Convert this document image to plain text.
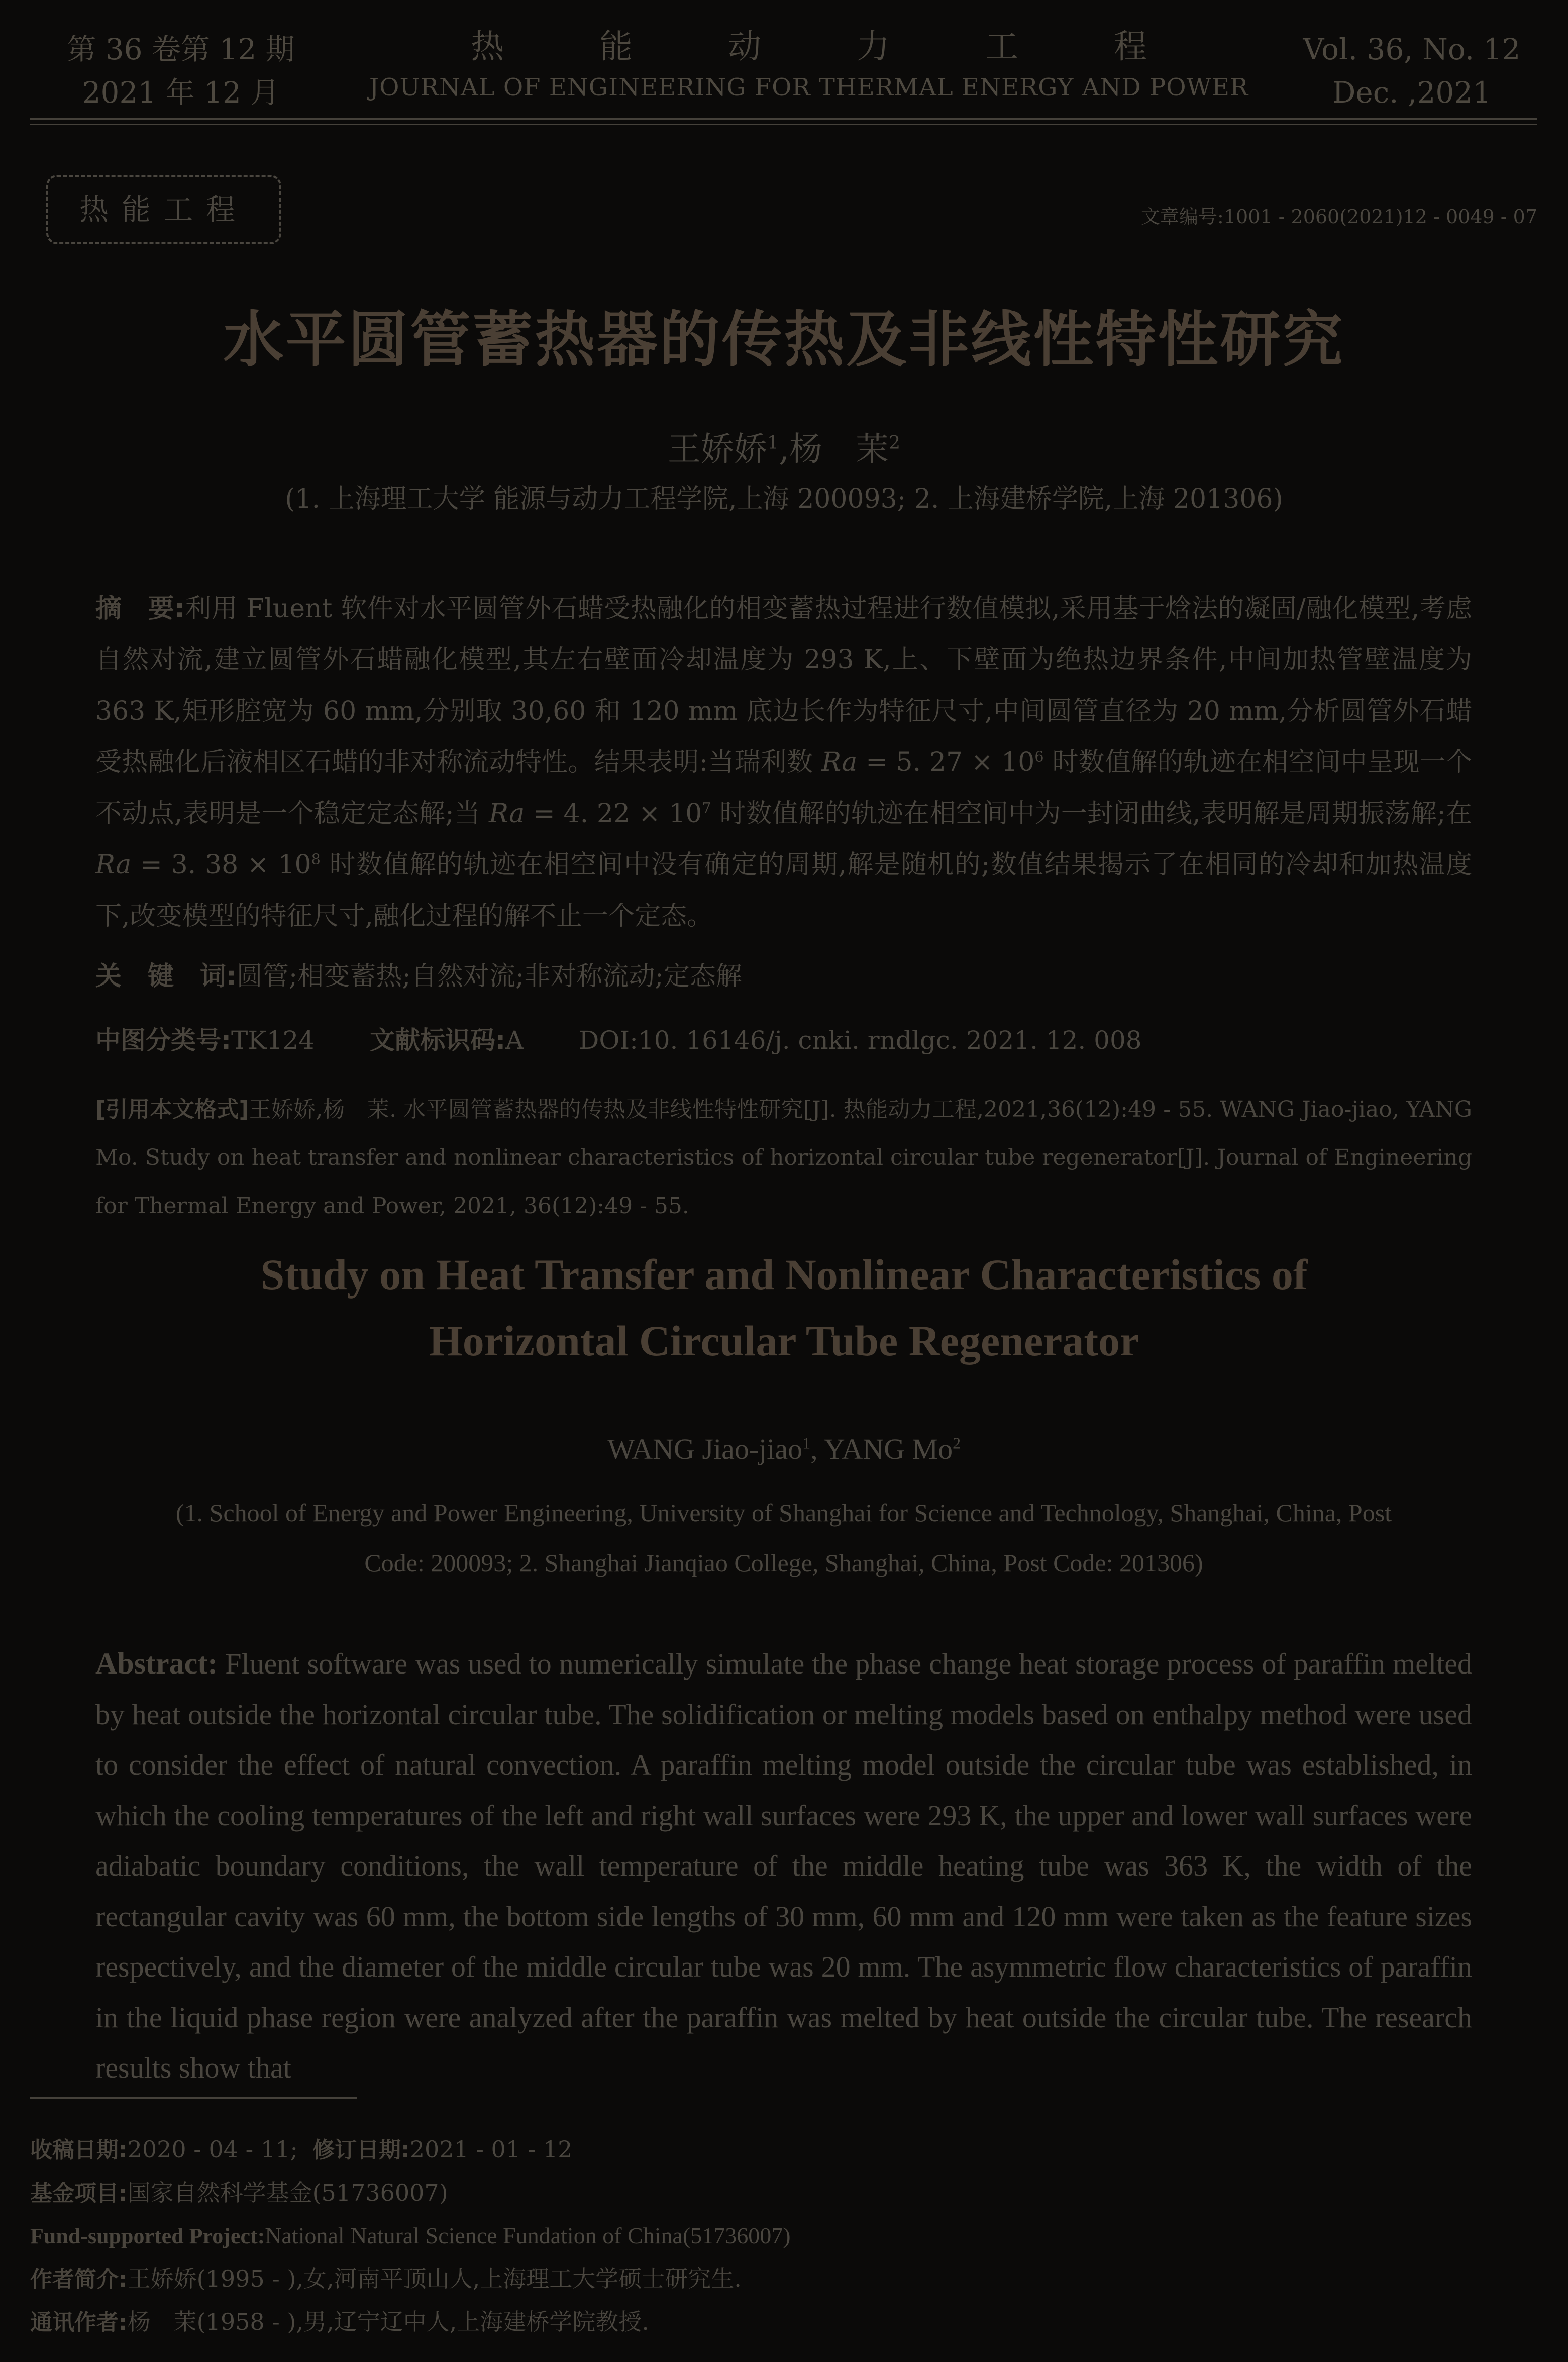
第 36 卷第 12 期
2021 年 12 月
热能动力工程
JOURNAL OF ENGINEERING FOR THERMAL ENERGY AND POWER
Vol. 36, No. 12
Dec. ,2021
热能工程	文章编号:1001 - 2060(2021)12 - 0049 - 07
水平圆管蓄热器的传热及非线性特性研究
王娇娇$^1$,杨　茉$^2$
(1. 上海理工大学 能源与动力工程学院,上海 200093; 2. 上海建桥学院,上海 201306)
摘　要:利用 Fluent 软件对水平圆管外石蜡受热融化的相变蓄热过程进行数值模拟,采用基于焓法的凝固/融化模型,考虑自然对流,建立圆管外石蜡融化模型,其左右壁面冷却温度为 293 K,上、下壁面为绝热边界条件,中间加热管壁温度为 363 K,矩形腔宽为 60 mm,分别取 30,60 和 120 mm 底边长作为特征尺寸,中间圆管直径为 20 mm,分析圆管外石蜡受热融化后液相区石蜡的非对称流动特性。结果表明:当瑞利数 Ra = 5. $27 \times 10^6$ 时数值解的轨迹在相空间中呈现一个不动点,表明是一个稳定定态解;当 Ra = 4. $22 \times 10^7$ 时数值解的轨迹在相空间中为一封闭曲线,表明解是周期振荡解;在 Ra = 3. $38 \times 10^8$ 时数值解的轨迹在相空间中没有确定的周期,解是随机的;数值结果揭示了在相同的冷却和加热温度下,改变模型的特征尺寸,融化过程的解不止一个定态。
关　键　词:圆管;相变蓄热;自然对流;非对称流动;定态解
中图分类号:TK124 文献标识码:A DOI:10. 16146/j. cnki. rndlgc. 2021. 12. 008
[引用本文格式]王娇娇,杨　茉. 水平圆管蓄热器的传热及非线性特性研究[J]. 热能动力工程,2021,36(12):49 - 55. WANG Jiao-jiao, YANG Mo. Study on heat transfer and nonlinear characteristics of horizontal circular tube regenerator[J]. Journal of Engineering for Thermal Energy and Power, 2021, 36(12):49 - 55.
Study on Heat Transfer and Nonlinear Characteristics of
Horizontal Circular Tube Regenerator
WANG Jiao-jiao$^1$, YANG Mo$^2$
(1. School of Energy and Power Engineering, University of Shanghai for Science and Technology, Shanghai, China, Post Code: 200093; 2. Shanghai Jianqiao College, Shanghai, China, Post Code: 201306)
Abstract: Fluent software was used to numerically simulate the phase change heat storage process of paraffin melted by heat outside the horizontal circular tube. The solidification or melting models based on enthalpy method were used to consider the effect of natural convection. A paraffin melting model outside the circular tube was established, in which the cooling temperatures of the left and right wall surfaces were 293 K, the upper and lower wall surfaces were adiabatic boundary conditions, the wall temperature of the middle heating tube was 363 K, the width of the rectangular cavity was 60 mm, the bottom side lengths of 30 mm, 60 mm and 120 mm were taken as the feature sizes respectively, and the diameter of the middle circular tube was 20 mm. The asymmetric flow characteristics of paraffin in the liquid phase region were analyzed after the paraffin was melted by heat outside the circular tube. The research results show that
收稿日期:2020 - 04 - 11; 修订日期:2021 - 01 - 12
基金项目:国家自然科学基金(51736007)
Fund-supported Project:National Natural Science Fundation of China(51736007)
作者简介:王娇娇(1995 - ),女,河南平顶山人,上海理工大学硕士研究生.
通讯作者:杨　茉(1958 - ),男,辽宁辽中人,上海建桥学院教授.
